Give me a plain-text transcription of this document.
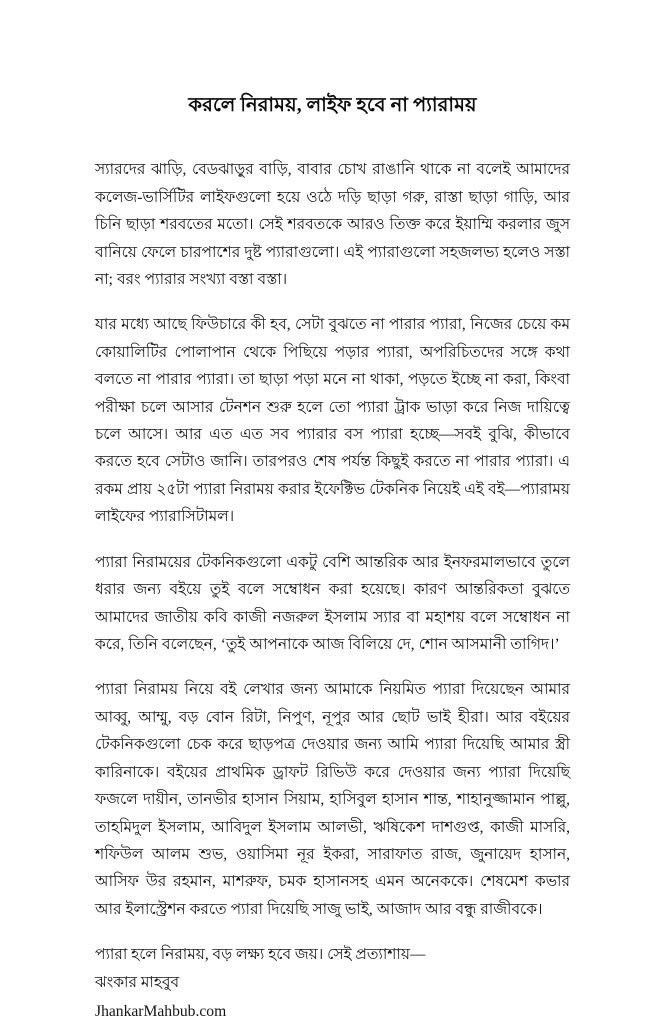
করলে নিরাময়, লাইফ হবে না প্যারাময়

স্যারদের ঝাড়ি, বেডঝাড়ুর বাড়ি, বাবার চোখ রাঙানি থাকে না বলেই আমাদের কলেজ-ভার্সিটির লাইফগুলো হয়ে ওঠে দড়ি ছাড়া গরু, রাস্তা ছাড়া গাড়ি, আর চিনি ছাড়া শরবতের মতো। সেই শরবতকে আরও তিক্ত করে ইয়াম্মি করলার জুস বানিয়ে ফেলে চারপাশের দুষ্ট প্যারাগুলো। এই প্যারাগুলো সহজলভ্য হলেও সস্তা না; বরং প্যারার সংখ্যা বস্তা বস্তা।

যার মধ্যে আছে ফিউচারে কী হব, সেটা বুঝতে না পারার প্যারা, নিজের চেয়ে কম কোয়ালিটির পোলাপান থেকে পিছিয়ে পড়ার প্যারা, অপরিচিতদের সঙ্গে কথা বলতে না পারার প্যারা। তা ছাড়া পড়া মনে না থাকা, পড়তে ইচ্ছে না করা, কিংবা পরীক্ষা চলে আসার টেনশন শুরু হলে তো প্যারা ট্রাক ভাড়া করে নিজ দায়িত্বে চলে আসে। আর এত এত সব প্যারার বস প্যারা হচ্ছে—সবই বুঝি, কীভাবে করতে হবে সেটাও জানি। তারপরও শেষ পর্যন্ত কিছুই করতে না পারার প্যারা। এ রকম প্রায় ২৫টা প্যারা নিরাময় করার ইফেক্টিভ টেকনিক নিয়েই এই বই—প্যারাময় লাইফের প্যারাসিটামল।

প্যারা নিরাময়ের টেকনিকগুলো একটু বেশি আন্তরিক আর ইনফরমালভাবে তুলে ধরার জন্য বইয়ে তুই বলে সম্বোধন করা হয়েছে। কারণ আন্তরিকতা বুঝতে আমাদের জাতীয় কবি কাজী নজরুল ইসলাম স্যার বা মহাশয় বলে সম্বোধন না করে, তিনি বলেছেন, ‘তুই আপনাকে আজ বিলিয়ে দে, শোন আসমানী তাগিদ।’

প্যারা নিরাময় নিয়ে বই লেখার জন্য আমাকে নিয়মিত প্যারা দিয়েছেন আমার আব্বু, আম্মু, বড় বোন রিটা, নিপুণ, নূপুর আর ছোট ভাই হীরা। আর বইয়ের টেকনিকগুলো চেক করে ছাড়পত্র দেওয়ার জন্য আমি প্যারা দিয়েছি আমার স্ত্রী কারিনাকে। বইয়ের প্রাথমিক ড্রাফট রিভিউ করে দেওয়ার জন্য প্যারা দিয়েছি ফজলে দায়ীন, তানভীর হাসান সিয়াম, হাসিবুল হাসান শান্ত, শাহানুজ্জামান পাল্লু, তাহমিদুল ইসলাম, আবিদুল ইসলাম আলভী, ঋষিকেশ দাশগুপ্ত, কাজী মাসরি, শফিউল আলম শুভ, ওয়াসিমা নূর ইকরা, সারাফাত রাজ, জুনায়েদ হাসান, আসিফ উর রহমান, মাশরুফ, চমক হাসানসহ এমন অনেককে। শেষমেশ কভার আর ইলাস্ট্রেশন করতে প্যারা দিয়েছি সাজু ভাই, আজাদ আর বন্ধু রাজীবকে।

প্যারা হলে নিরাময়, বড় লক্ষ্য হবে জয়। সেই প্রত্যাশায়—

ঝংকার মাহবুব

JhankarMahbub.com
